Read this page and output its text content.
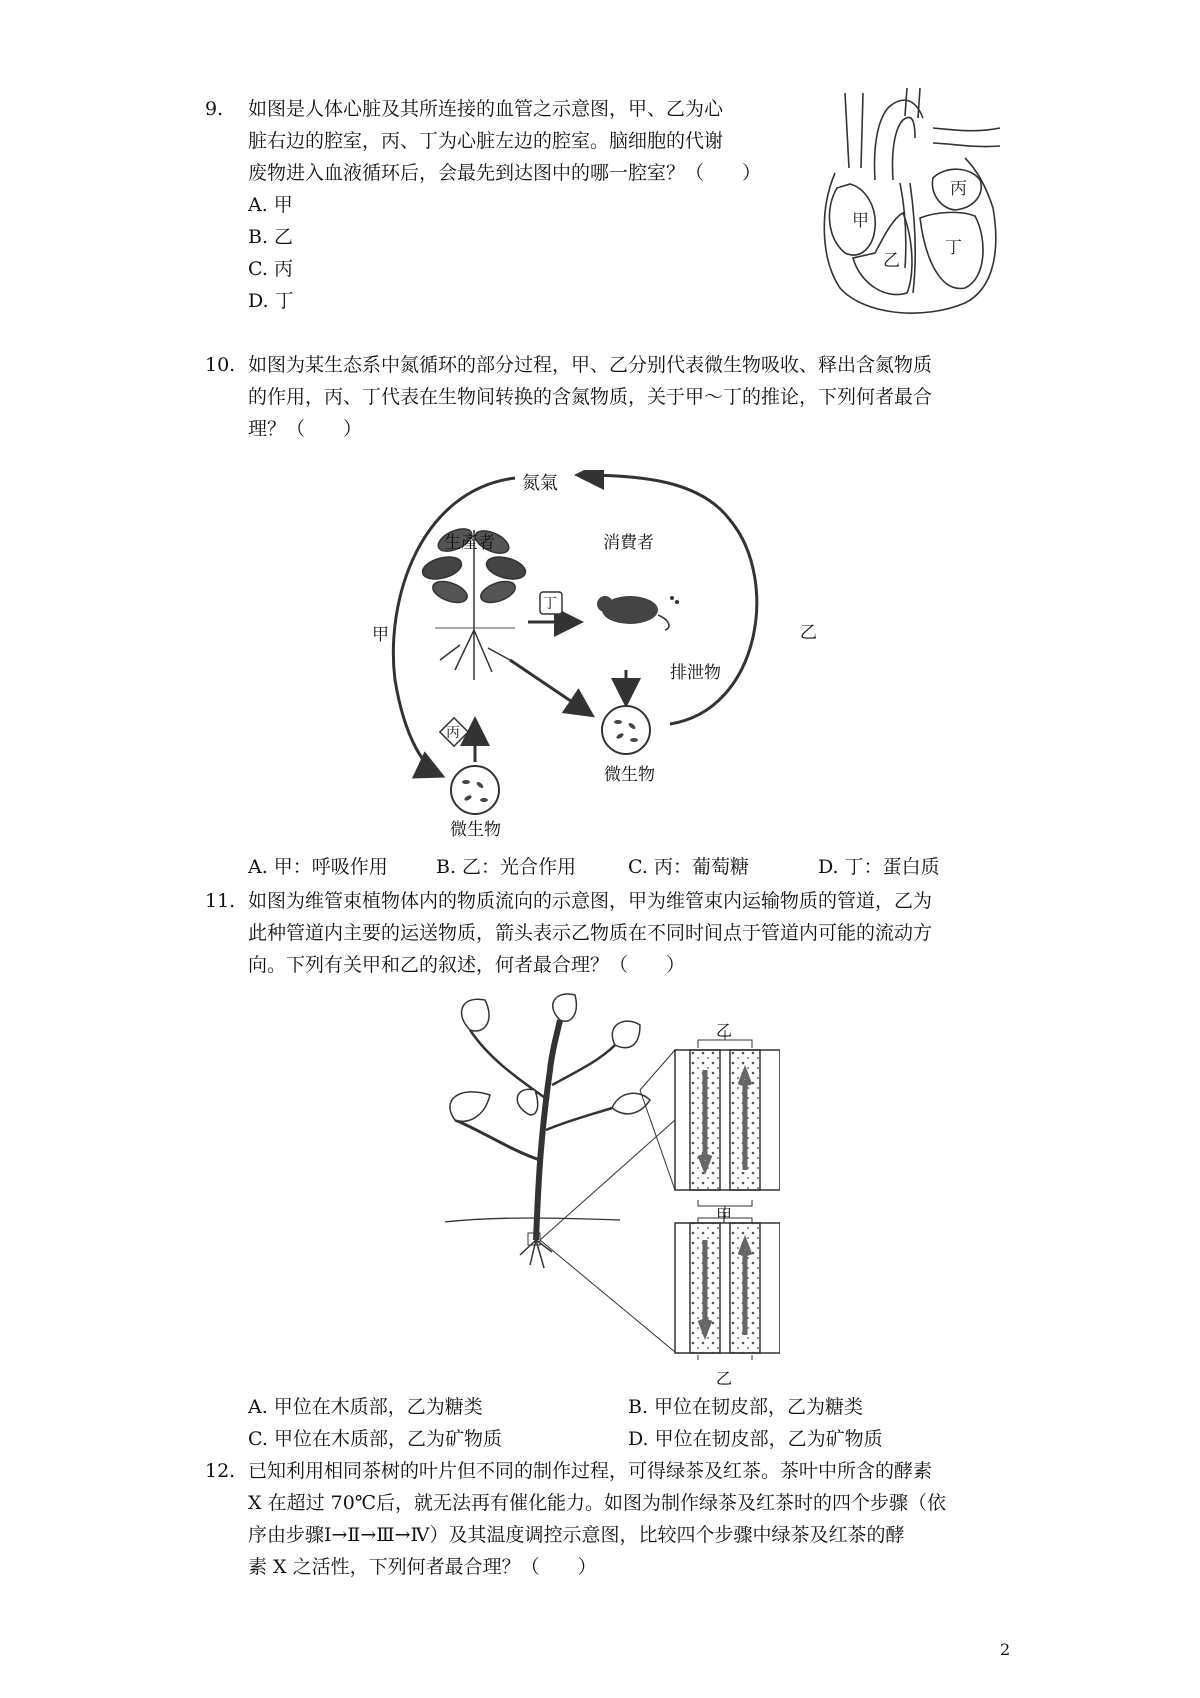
9. 如图是人体心脏及其所连接的血管之示意图，甲、乙为心
脏右边的腔室，丙、丁为心脏左边的腔室。脑细胞的代谢
废物进入血液循环后，会最先到达图中的哪一腔室？（　　）
A. 甲
B. 乙
C. 丙
D. 丁
甲
乙
丙
丁
10. 如图为某生态系中氮循环的部分过程，甲、乙分别代表微生物吸收、释出含氮物质
的作用，丙、丁代表在生物间转换的含氮物质，关于甲～丁的推论，下列何者最合
理？（　　）
氮氣
生產者	消費者
排泄物
微生物
微生物
甲	乙
丙
丁
A. 甲：呼吸作用	B. 乙：光合作用	C. 丙：葡萄糖	D. 丁：蛋白质
11. 如图为维管束植物体内的物质流向的示意图，甲为维管束内运输物质的管道，乙为
此种管道内主要的运送物质，箭头表示乙物质在不同时间点于管道内可能的流动方
向。下列有关甲和乙的叙述，何者最合理？（　　）
乙
甲
乙
A. 甲位在木质部，乙为糖类	B. 甲位在韧皮部，乙为糖类
C. 甲位在木质部，乙为矿物质	D. 甲位在韧皮部，乙为矿物质
12. 已知利用相同茶树的叶片但不同的制作过程，可得绿茶及红茶。茶叶中所含的酵素
X 在超过 70℃后，就无法再有催化能力。如图为制作绿茶及红茶时的四个步骤（依
序由步骤Ⅰ→Ⅱ→Ⅲ→Ⅳ）及其温度调控示意图，比较四个步骤中绿茶及红茶的酵
素 X 之活性，下列何者最合理？（　　）
2
